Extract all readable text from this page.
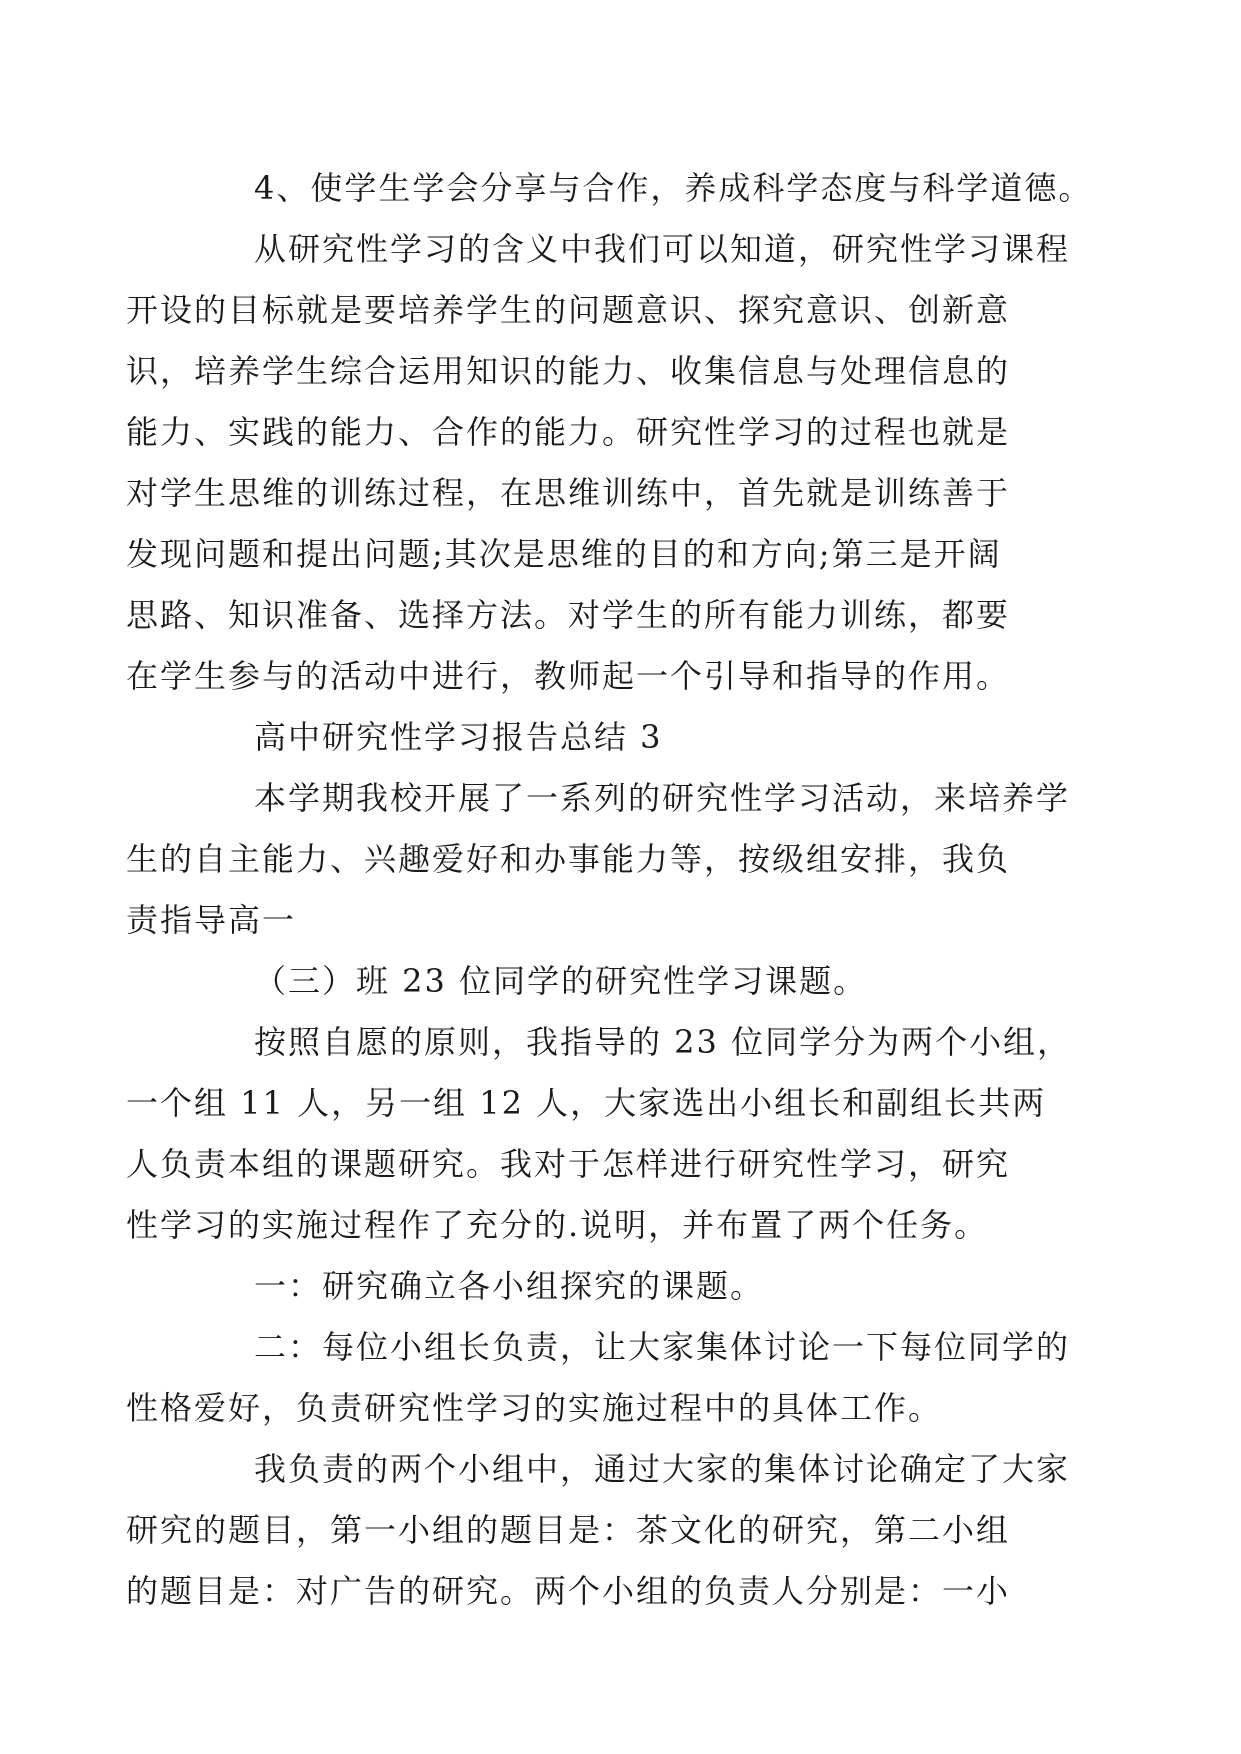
4、使学生学会分享与合作，养成科学态度与科学道德。

从研究性学习的含义中我们可以知道，研究性学习课程
开设的目标就是要培养学生的问题意识、探究意识、创新意
识，培养学生综合运用知识的能力、收集信息与处理信息的
能力、实践的能力、合作的能力。研究性学习的过程也就是
对学生思维的训练过程，在思维训练中，首先就是训练善于
发现问题和提出问题;其次是思维的目的和方向;第三是开阔
思路、知识准备、选择方法。对学生的所有能力训练，都要
在学生参与的活动中进行，教师起一个引导和指导的作用。

高中研究性学习报告总结 3

本学期我校开展了一系列的研究性学习活动，来培养学
生的自主能力、兴趣爱好和办事能力等，按级组安排，我负
责指导高一

（三）班 23 位同学的研究性学习课题。

按照自愿的原则，我指导的 23 位同学分为两个小组，
一个组 11 人，另一组 12 人，大家选出小组长和副组长共两
人负责本组的课题研究。我对于怎样进行研究性学习，研究
性学习的实施过程作了充分的.说明，并布置了两个任务。

一：研究确立各小组探究的课题。

二：每位小组长负责，让大家集体讨论一下每位同学的
性格爱好，负责研究性学习的实施过程中的具体工作。

我负责的两个小组中，通过大家的集体讨论确定了大家
研究的题目，第一小组的题目是：茶文化的研究，第二小组
的题目是：对广告的研究。两个小组的负责人分别是：一小
